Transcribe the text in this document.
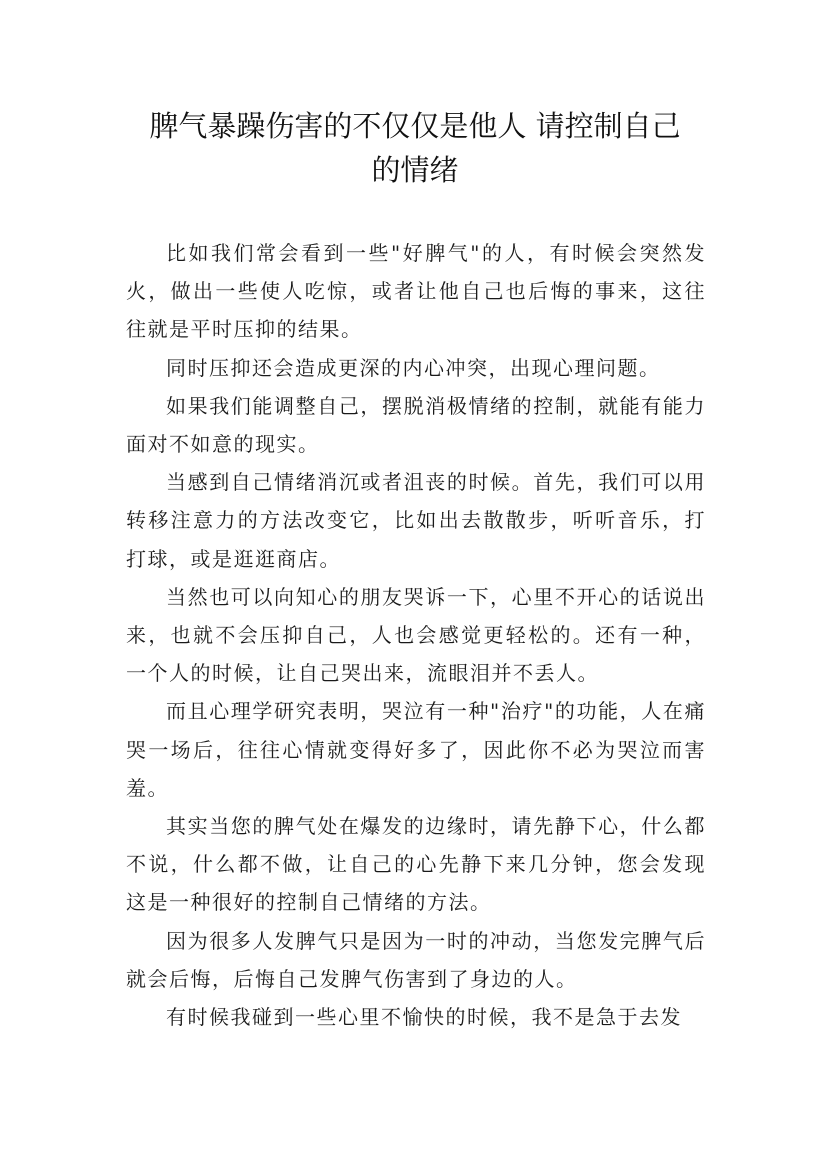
脾气暴躁伤害的不仅仅是他人 请控制自己
的情绪

比如我们常会看到一些"好脾气"的人，有时候会突然发火，做出一些使人吃惊，或者让他自己也后悔的事来，这往往就是平时压抑的结果。

同时压抑还会造成更深的内心冲突，出现心理问题。

如果我们能调整自己，摆脱消极情绪的控制，就能有能力面对不如意的现实。

当感到自己情绪消沉或者沮丧的时候。首先，我们可以用转移注意力的方法改变它，比如出去散散步，听听音乐，打打球，或是逛逛商店。

当然也可以向知心的朋友哭诉一下，心里不开心的话说出来，也就不会压抑自己，人也会感觉更轻松的。还有一种，一个人的时候，让自己哭出来，流眼泪并不丢人。

而且心理学研究表明，哭泣有一种"治疗"的功能，人在痛哭一场后，往往心情就变得好多了，因此你不必为哭泣而害羞。

其实当您的脾气处在爆发的边缘时，请先静下心，什么都不说，什么都不做，让自己的心先静下来几分钟，您会发现这是一种很好的控制自己情绪的方法。

因为很多人发脾气只是因为一时的冲动，当您发完脾气后就会后悔，后悔自己发脾气伤害到了身边的人。

有时候我碰到一些心里不愉快的时候，我不是急于去发
